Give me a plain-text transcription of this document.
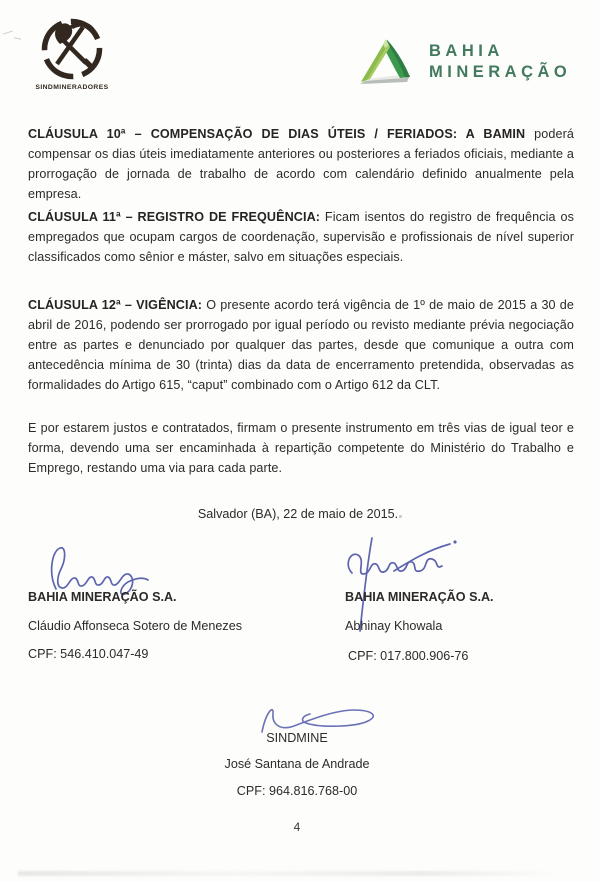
SINDMINERADORES
BAHIA
MINERAÇÃO
CLÁUSULA 10ª – COMPENSAÇÃO DE DIAS ÚTEIS / FERIADOS: A BAMIN poderá compensar os dias úteis imediatamente anteriores ou posteriores a feriados oficiais, mediante a prorrogação de jornada de trabalho de acordo com calendário definido anualmente pela empresa.
CLÁUSULA 11ª – REGISTRO DE FREQUÊNCIA: Ficam isentos do registro de frequência os empregados que ocupam cargos de coordenação, supervisão e profissionais de nível superior classificados como sênior e máster, salvo em situações especiais.
CLÁUSULA 12ª – VIGÊNCIA: O presente acordo terá vigência de 1º de maio de 2015 a 30 de abril de 2016, podendo ser prorrogado por igual período ou revisto mediante prévia negociação entre as partes e denunciado por qualquer das partes, desde que comunique a outra com antecedência mínima de 30 (trinta) dias da data de encerramento pretendida, observadas as formalidades do Artigo 615, “caput” combinado com o Artigo 612 da CLT.
E por estarem justos e contratados, firmam o presente instrumento em três vias de igual teor e forma, devendo uma ser encaminhada à repartição competente do Ministério do Trabalho e Emprego, restando uma via para cada parte.
Salvador (BA), 22 de maio de 2015.
BAHIA MINERAÇÃO S.A.
Cláudio Affonseca Sotero de Menezes
CPF: 546.410.047-49
BAHIA MINERAÇÃO S.A.
Abhinay Khowala
CPF: 017.800.906-76
SINDMINE
José Santana de Andrade
CPF: 964.816.768-00
4
